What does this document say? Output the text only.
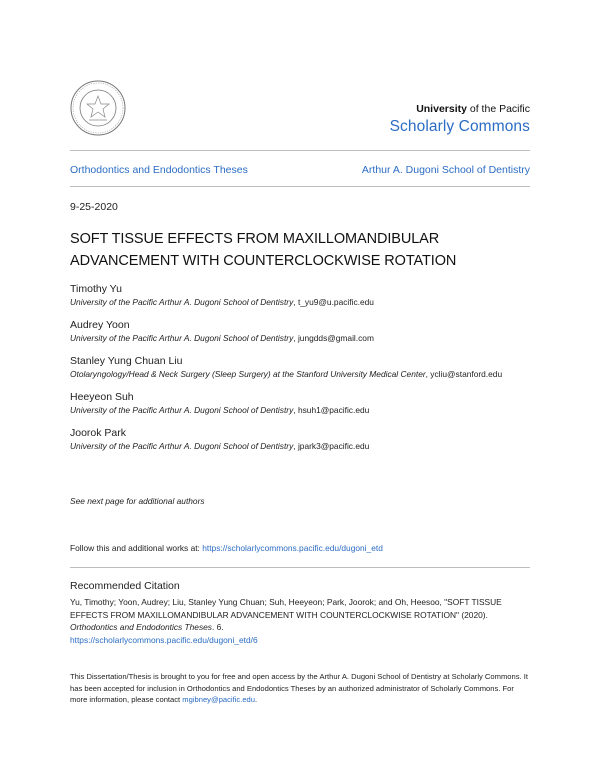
University of the Pacific
Scholarly Commons
Orthodontics and Endodontics Theses	Arthur A. Dugoni School of Dentistry
9-25-2020
SOFT TISSUE EFFECTS FROM MAXILLOMANDIBULAR
ADVANCEMENT WITH COUNTERCLOCKWISE ROTATION
Timothy Yu
University of the Pacific Arthur A. Dugoni School of Dentistry, t_yu9@u.pacific.edu
Audrey Yoon
University of the Pacific Arthur A. Dugoni School of Dentistry, jungdds@gmail.com
Stanley Yung Chuan Liu
Otolaryngology/Head & Neck Surgery (Sleep Surgery) at the Stanford University Medical Center, ycliu@stanford.edu
Heeyeon Suh
University of the Pacific Arthur A. Dugoni School of Dentistry, hsuh1@pacific.edu
Joorok Park
University of the Pacific Arthur A. Dugoni School of Dentistry, jpark3@pacific.edu
See next page for additional authors
Follow this and additional works at: https://scholarlycommons.pacific.edu/dugoni_etd
Recommended Citation
Yu, Timothy; Yoon, Audrey; Liu, Stanley Yung Chuan; Suh, Heeyeon; Park, Joorok; and Oh, Heesoo, "SOFT TISSUE EFFECTS FROM MAXILLOMANDIBULAR ADVANCEMENT WITH COUNTERCLOCKWISE ROTATION" (2020). Orthodontics and Endodontics Theses. 6.
https://scholarlycommons.pacific.edu/dugoni_etd/6
This Dissertation/Thesis is brought to you for free and open access by the Arthur A. Dugoni School of Dentistry at Scholarly Commons. It has been accepted for inclusion in Orthodontics and Endodontics Theses by an authorized administrator of Scholarly Commons. For more information, please contact mgibney@pacific.edu.
